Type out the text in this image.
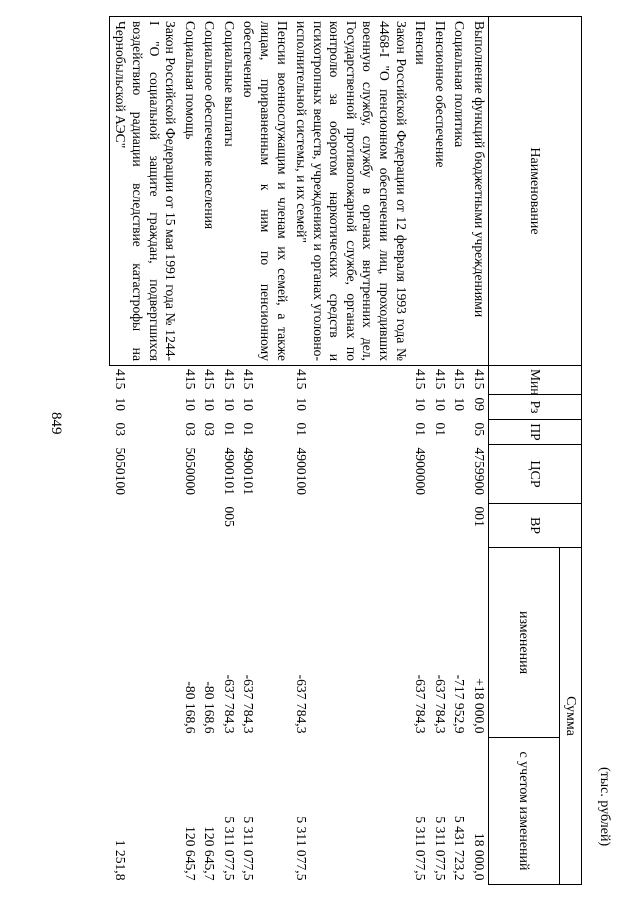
849
(тыс. рублей)
Наименование	Мин	Рз	ПР	ЦСР	ВР	Сумма	
						изменения	с учетом изменений
Выполнение функций бюджетными учреждениями	415	09	05	4759900	001	+18 000,0	18 000,0
Социальная политика	415	10				-717 952,9	5 431 723,2
Пенсионное обеспечение	415	10	01			-637 784,3	5 311 077,5
Пенсии	415	10	01	4900000		-637 784,3	5 311 077,5
Закон Российской Федерации от 12 февраля 1993 года № 4468-I "О пенсионном обеспечении лиц, проходивших военную службу, службу в органах внутренних дел, Государственной противопожарной службе, органах по контролю за оборотом наркотических средств и психотропных веществ, учреждениях и органах уголовно-исполнительной системы, и их семей"	415	10	01	4900100		-637 784,3	5 311 077,5
Пенсии военнослужащим и членам их семей, а также лицам, приравненным к ним по пенсионному обеспечению	415	10	01	4900101		-637 784,3	5 311 077,5
Социальные выплаты	415	10	01	4900101	005	-637 784,3	5 311 077,5
Социальное обеспечение населения	415	10	03			-80 168,6	120 645,7
Социальная помощь	415	10	03	5050000		-80 168,6	120 645,7
Закон Российской Федерации от 15 мая 1991 года № 1244-I "О социальной защите граждан, подвергшихся воздействию радиации вследствие катастрофы на Чернобыльской АЭС"	415	10	03	5050100			1 251,8
